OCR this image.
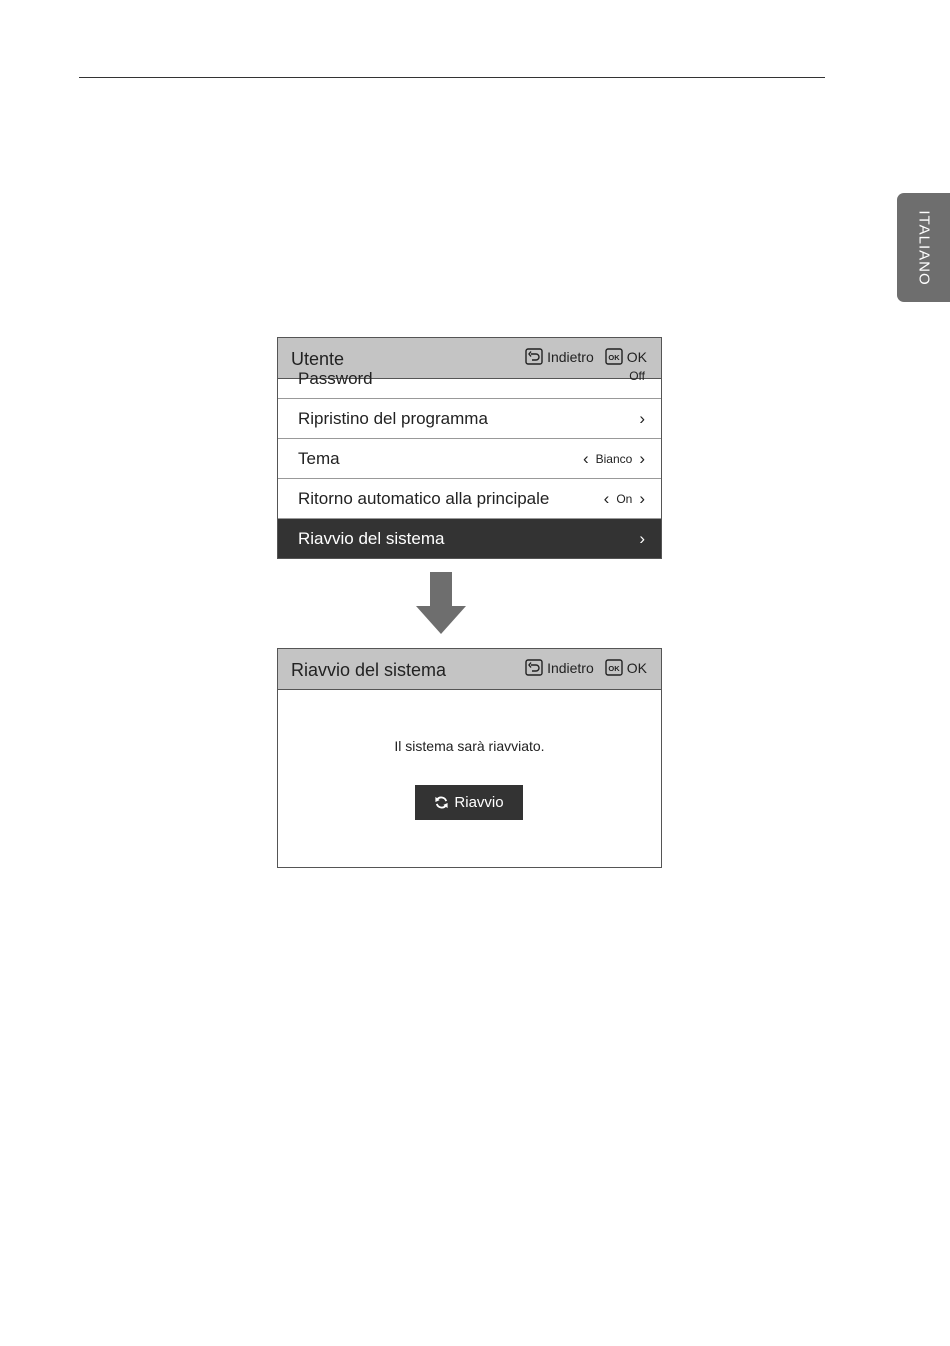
ITALIANO
Utente	Indietro OK OK
Password	Off
Ripristino del programma	›
Tema	‹ Bianco ›
Ritorno automatico alla principale	‹ On ›
Riavvio del sistema	›
Riavvio del sistema	Indietro OK OK
Il sistema sarà riavviato.
Riavvio
